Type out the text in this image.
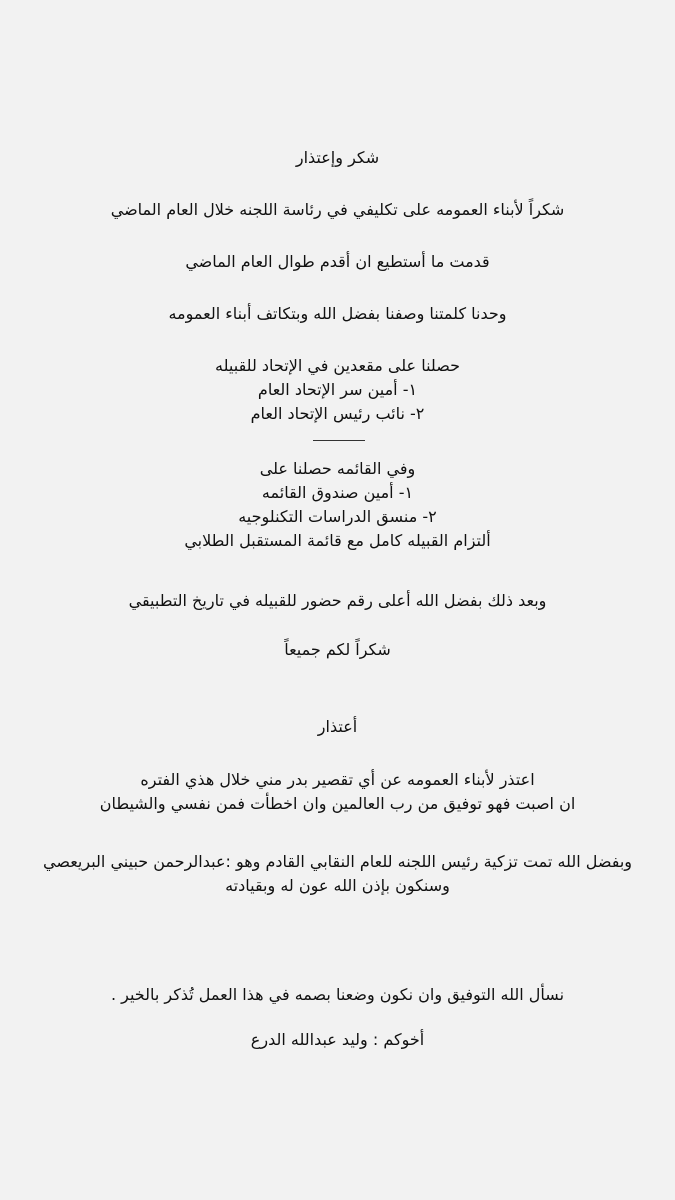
شكر وإعتذار
شكراً لأبناء العمومه على تكليفي في رئاسة اللجنه خلال العام الماضي
قدمت ما أستطيع ان أقدم طوال العام الماضي
وحدنا كلمتنا وصفنا بفضل الله وبتكاتف أبناء العمومه
حصلنا على مقعدين في الإتحاد للقبيله
١- أمين سر الإتحاد العام
٢- نائب رئيس الإتحاد العام
وفي القائمه حصلنا على
١- أمين صندوق القائمه
٢- منسق الدراسات التكنلوجيه
ألتزام القبيله كامل مع قائمة المستقبل الطلابي
وبعد ذلك بفضل الله أعلى رقم حضور للقبيله في تاريخ التطبيقي
شكراً لكم جميعاً
أعتذار
اعتذر لأبناء العمومه عن أي تقصير بدر مني خلال هذي الفتره
ان اصبت فهو توفيق من رب العالمين وان اخطأت فمن نفسي والشيطان
وبفضل الله تمت تزكية رئيس اللجنه للعام النقابي القادم وهو :عبدالرحمن حبيني البريعصي
وسنكون بإذن الله عون له وبقيادته
نسأل الله التوفيق وان نكون وضعنا بصمه في هذا العمل تُذكر بالخير .
أخوكم : وليد عبدالله الدرع
